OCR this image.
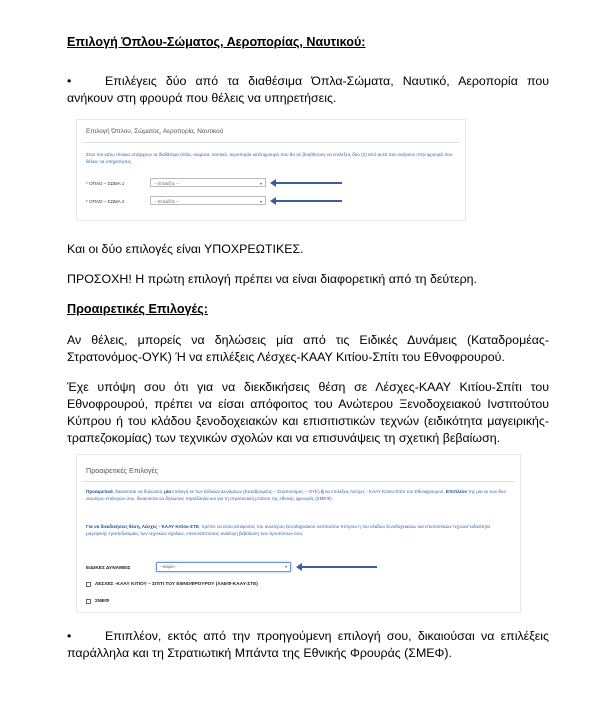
Επιλογή Όπλου-Σώματος, Αεροπορίας, Ναυτικού:
•	Επιλέγεις δύο από τα διαθέσιμα Όπλα-Σώματα, Ναυτικό, Αεροπορία που ανήκουν στη φρουρά που θέλεις να υπηρετήσεις.
Επιλογή Όπλου, Σώματος, Αεροπορία, Ναυτικού
Στον πιο κάτω πίνακα υπάρχουν τα διαθέσιμα όπλα, σώματα, ναυτικό, αεροπορία κατά φρουρά που θα σε βοηθήσουν να επιλέξεις δύο (2) από αυτά που ανήκουν στην φρουρά που θέλεις να υπηρετήσεις.
* ΟΠΛΟ – ΣΩΜΑ 1	-- Επιλέξτε --	▾
* ΟΠΛΟ – ΣΩΜΑ 2	-- Επιλέξτε --	▾
Και οι δύο επιλογές είναι ΥΠΟΧΡΕΩΤΙΚΕΣ.
ΠΡΟΣΟΧΗ! Η πρώτη επιλογή πρέπει να είναι διαφορετική από τη δεύτερη.
Προαιρετικές Επιλογές:
Αν θέλεις, μπορείς να δηλώσεις μία από τις Ειδικές Δυνάμεις (Καταδρομέας-Στρατονόμος-ΟΥΚ) Ή να επιλέξεις Λέσχες-ΚΑΑΥ Κιτίου-Σπίτι του Εθνοφρουρού.
Έχε υπόψη σου ότι για να διεκδικήσεις θέση σε Λέσχες-ΚΑΑΥ Κιτίου-Σπίτι του Εθνοφρουρού, πρέπει να είσαι απόφοιτος του Ανώτερου Ξενοδοχειακού Ινστιτούτου Κύπρου ή του κλάδου ξενοδοχειακών και επισιτιστικών τεχνών (ειδικότητα μαγειρικής-τραπεζοκομίας) των τεχνικών σχολών και να επισυνάψεις τη σχετική βεβαίωση.
Προαιρετικές Επιλογές
Προαιρετικά ,δικαιούσαι να δηλώσεις μία επιλογή εκ των Ειδικών Δυνάμεων (Καταδρομέας – Στρατονόμος – ΟΥΚ) ή να επιλέξεις Λέσχες - ΚΑΑΥ Κιτίου-Σπίτι του Εθνοφρουρού. Επιπλέον της μια εκ των δυο ανωτέρω επιλογών σου, δικαιούσαι να δηλώσεις παράλληλα και για τη στρατιωτική μπάντα της εθνικής φρουράς (ΣΜΕΦ).
Για να διεκδικήσεις θέση, Λέσχες - ΚΑΑΥ Κιτίου-ΣΤΕ, πρέπει να είσαι απόφοιτος του ανωτέρου ξενοδοχειακού ινστιτούτου Κύπρου η του κλάδου ξενοδοχειακών και επισιτιστικών τεχνών/ ειδικότητα μαγειρικής-τραπεζοκομίας των τεχνικών σχολών, επισυνάπτοντας ανάλογη βεβαίωση των προσόντων σου.
ΕΙΔΙΚΕΣ ΔΥΝΑΜΕΙΣ	--καμία--	▾
ΛΕΣΧΕΣ -ΚΑΑΥ ΚΙΤΙΟΥ – ΣΠΙΤΙ ΤΟΥ ΕΘΝΟΦΡΟΥΡΟΥ (ΛΑΕΦ-ΚΑΑΥ-ΣΤΕ)
ΣΜΕΦ
•	Επιπλέον, εκτός από την προηγούμενη επιλογή σου, δικαιούσαι να επιλέξεις παράλληλα και τη Στρατιωτική Μπάντα της Εθνικής Φρουράς (ΣΜΕΦ).
